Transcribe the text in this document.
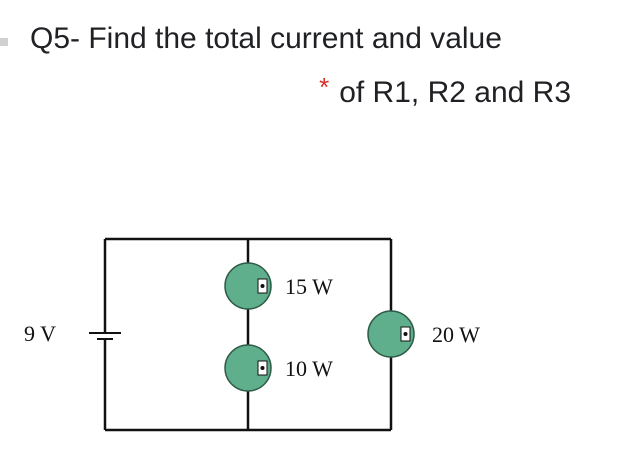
Q5- Find the total current and value
* of R1, R2 and R3
9 V
15 W
10 W
20 W
